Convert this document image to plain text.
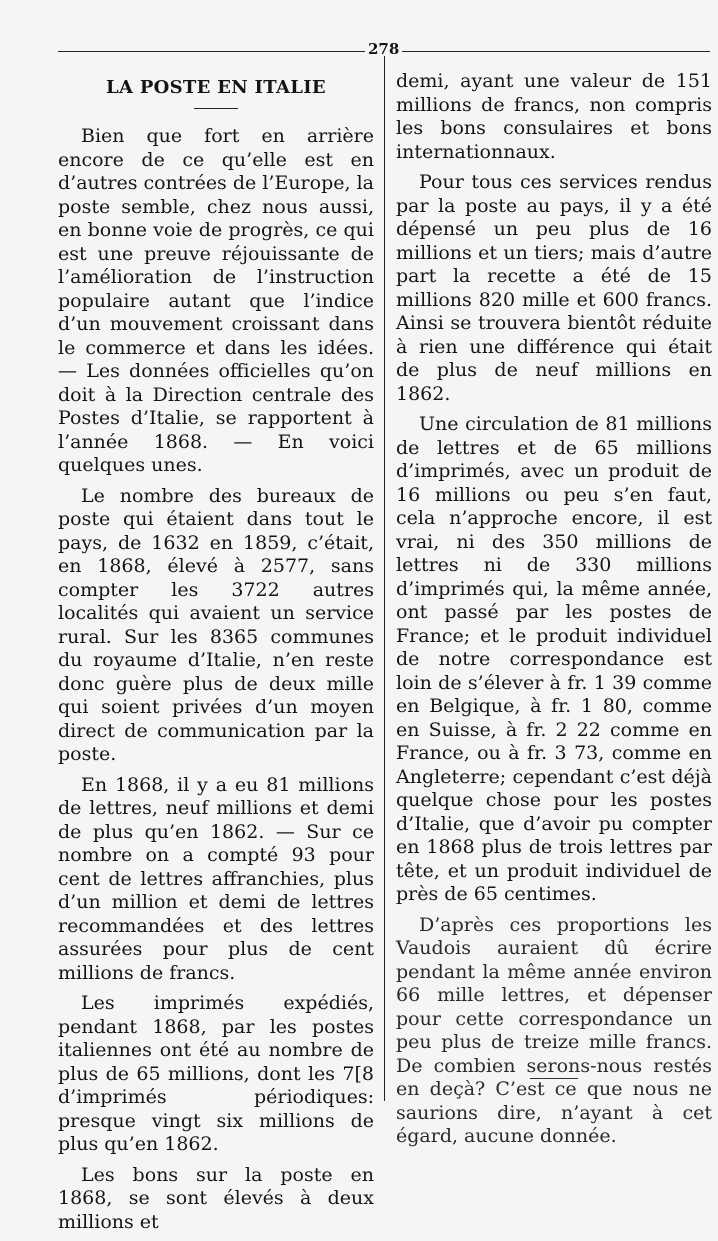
278
LA POSTE EN ITALIE

Bien que fort en arrière encore de ce qu’elle est en d’autres contrées de l’Europe, la poste semble, chez nous aussi, en bonne voie de progrès, ce qui est une preuve réjouissante de l’amélioration de l’instruction populaire autant que l’indice d’un mouvement croissant dans le commerce et dans les idées. — Les données officielles qu’on doit à la Direction centrale des Postes d’Italie, se rapportent à l’année 1868. — En voici quelques unes.

Le nombre des bureaux de poste qui étaient dans tout le pays, de 1632 en 1859, c’était, en 1868, élevé à 2577, sans compter les 3722 autres localités qui avaient un service rural. Sur les 8365 communes du royaume d’Italie, n’en reste donc guère plus de deux mille qui soient privées d’un moyen direct de communication par la poste.

En 1868, il y a eu 81 millions de lettres, neuf millions et demi de plus qu’en 1862. — Sur ce nombre on a compté 93 pour cent de lettres affranchies, plus d’un million et demi de lettres recommandées et des lettres assurées pour plus de cent millions de francs.

Les imprimés expédiés, pendant 1868, par les postes italiennes ont été au nombre de plus de 65 millions, dont les 7[8 d’imprimés périodiques: presque vingt six millions de plus qu’en 1862.

Les bons sur la poste en 1868, se sont élevés à deux millions et

demi, ayant une valeur de 151 millions de francs, non compris les bons consulaires et bons internationnaux.

Pour tous ces services rendus par la poste au pays, il y a été dépensé un peu plus de 16 millions et un tiers; mais d’autre part la recette a été de 15 millions 820 mille et 600 francs. Ainsi se trouvera bientôt réduite à rien une différence qui était de plus de neuf millions en 1862.

Une circulation de 81 millions de lettres et de 65 millions d’imprimés, avec un produit de 16 millions ou peu s’en faut, cela n’approche encore, il est vrai, ni des 350 millions de lettres ni de 330 millions d’imprimés qui, la même année, ont passé par les postes de France; et le produit individuel de notre correspondance est loin de s’élever à fr. 1 39 comme en Belgique, à fr. 1 80, comme en Suisse, à fr. 2 22 comme en France, ou à fr. 3 73, comme en Angleterre; cependant c’est déjà quelque chose pour les postes d’Italie, que d’avoir pu compter en 1868 plus de trois lettres par tête, et un produit individuel de près de 65 centimes.

D’après ces proportions les Vaudois auraient dû écrire pendant la même année environ 66 mille lettres, et dépenser pour cette correspondance un peu plus de treize mille francs. De combien serons-nous restés en deçà? C’est ce que nous ne saurions dire, n’ayant à cet égard, aucune donnée.
